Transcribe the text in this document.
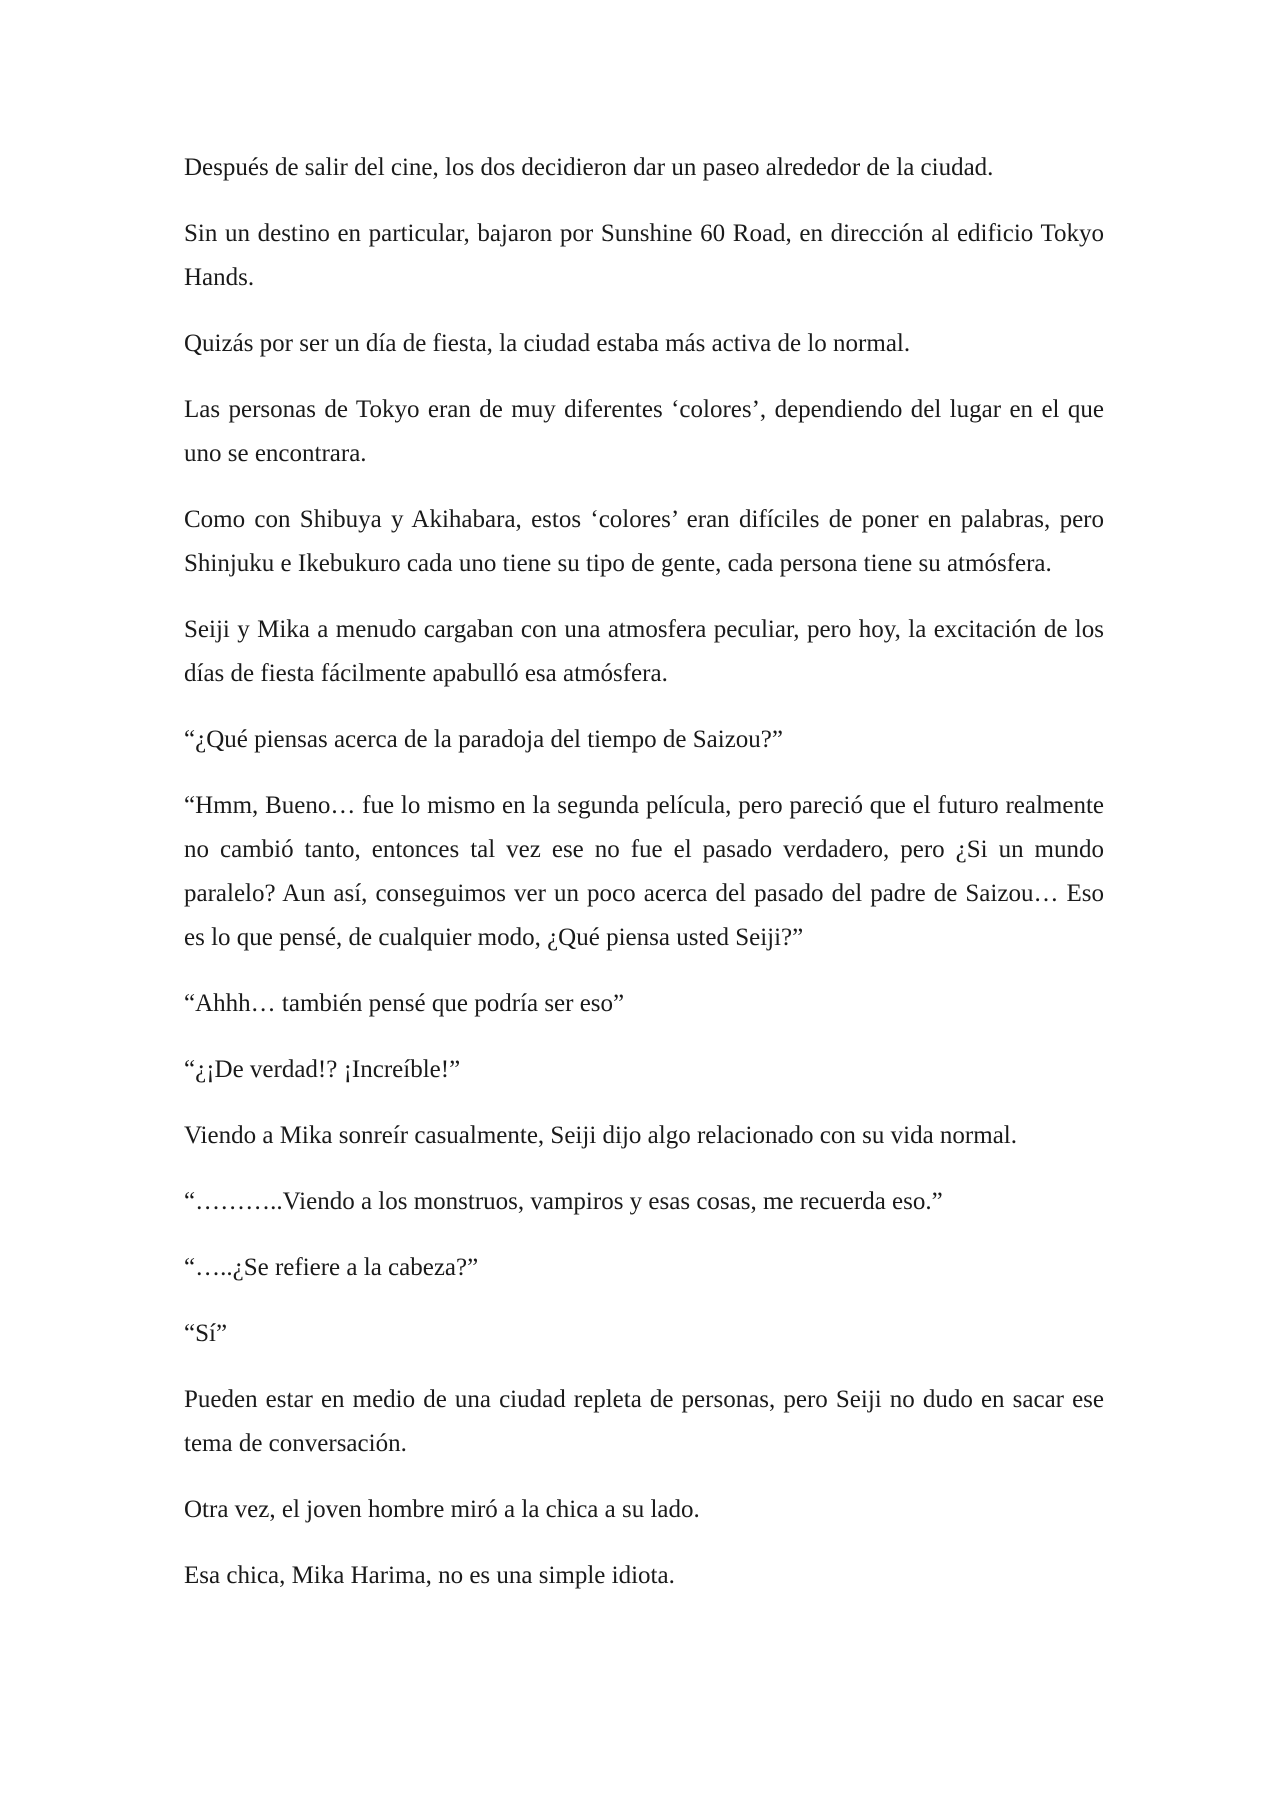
Después de salir del cine, los dos decidieron dar un paseo alrededor de la ciudad.

Sin un destino en particular, bajaron por Sunshine 60 Road, en dirección al edificio Tokyo Hands.

Quizás por ser un día de fiesta, la ciudad estaba más activa de lo normal.

Las personas de Tokyo eran de muy diferentes ‘colores’, dependiendo del lugar en el que uno se encontrara.

Como con Shibuya y Akihabara, estos ‘colores’ eran difíciles de poner en palabras, pero Shinjuku e Ikebukuro cada uno tiene su tipo de gente, cada persona tiene su atmósfera.

Seiji y Mika a menudo cargaban con una atmosfera peculiar, pero hoy, la excitación de los días de fiesta fácilmente apabulló esa atmósfera.

“¿Qué piensas acerca de la paradoja del tiempo de Saizou?”

“Hmm, Bueno… fue lo mismo en la segunda película, pero pareció que el futuro realmente no cambió tanto, entonces tal vez ese no fue el pasado verdadero, pero ¿Si un mundo paralelo? Aun así, conseguimos ver un poco acerca del pasado del padre de Saizou… Eso es lo que pensé, de cualquier modo, ¿Qué piensa usted Seiji?”

“Ahhh… también pensé que podría ser eso”

“¿¡De verdad!? ¡Increíble!”

Viendo a Mika sonreír casualmente, Seiji dijo algo relacionado con su vida normal.

“………..Viendo a los monstruos, vampiros y esas cosas, me recuerda eso.”

“…..¿Se refiere a la cabeza?”

“Sí”

Pueden estar en medio de una ciudad repleta de personas, pero Seiji no dudo en sacar ese tema de conversación.

Otra vez, el joven hombre miró a la chica a su lado.

Esa chica, Mika Harima, no es una simple idiota.
